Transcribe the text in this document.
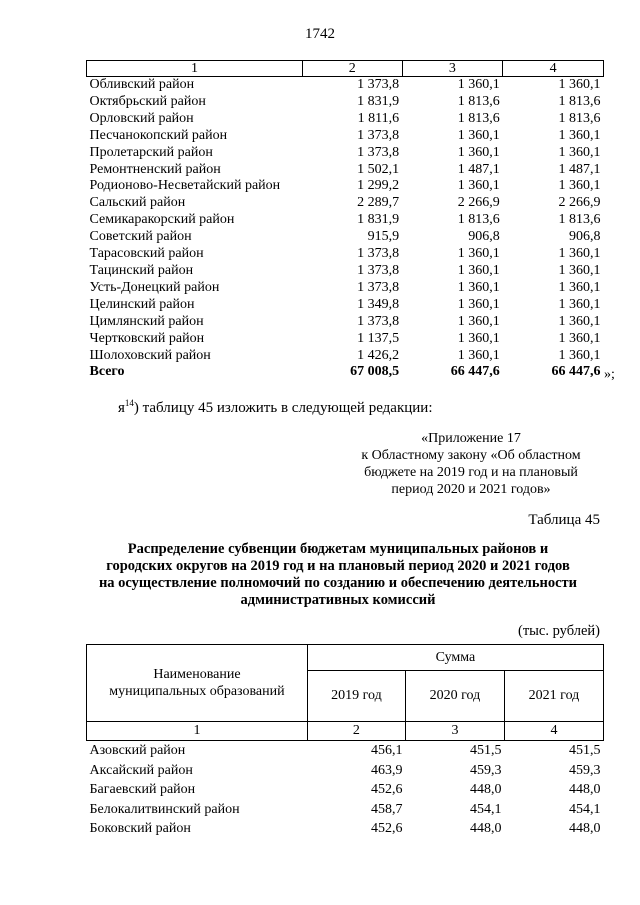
1742
1	2	3	4
Обливский район	1 373,8	1 360,1	1 360,1
Октябрьский район	1 831,9	1 813,6	1 813,6
Орловский район	1 811,6	1 813,6	1 813,6
Песчанокопский район	1 373,8	1 360,1	1 360,1
Пролетарский район	1 373,8	1 360,1	1 360,1
Ремонтненский район	1 502,1	1 487,1	1 487,1
Родионово-Несветайский район	1 299,2	1 360,1	1 360,1
Сальский район	2 289,7	2 266,9	2 266,9
Семикаракорский район	1 831,9	1 813,6	1 813,6
Советский район	915,9	906,8	906,8
Тарасовский район	1 373,8	1 360,1	1 360,1
Тацинский район	1 373,8	1 360,1	1 360,1
Усть-Донецкий район	1 373,8	1 360,1	1 360,1
Целинский район	1 349,8	1 360,1	1 360,1
Цимлянский район	1 373,8	1 360,1	1 360,1
Чертковский район	1 137,5	1 360,1	1 360,1
Шолоховский район	1 426,2	1 360,1	1 360,1
Всего	67 008,5	66 447,6	66 447,6 »;
$я^{14}$) таблицу 45 изложить в следующей редакции:
«Приложение 17
к Областному закону «Об областном
бюджете на 2019 год и на плановый
период 2020 и 2021 годов»
Таблица 45
Распределение субвенции бюджетам муниципальных районов и
городских округов на 2019 год и на плановый период 2020 и 2021 годов
на осуществление полномочий по созданию и обеспечению деятельности
административных комиссий
(тыс. рублей)
Наименование
муниципальных образований	Сумма		
	2019 год	2020 год	2021 год
1	2	3	4
Азовский район	456,1	451,5	451,5
Аксайский район	463,9	459,3	459,3
Багаевский район	452,6	448,0	448,0
Белокалитвинский район	458,7	454,1	454,1
Боковский район	452,6	448,0	448,0
